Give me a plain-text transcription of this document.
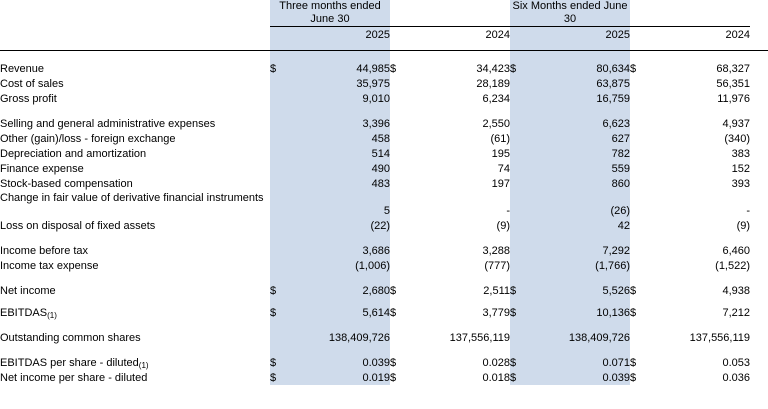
	Three months ended June 30				Six Months ended June 30				
		2025		2024		2025		2024	

Revenue	$	44,985	$	34,423	$	80,634	$	68,327	
Cost of sales		35,975		28,189		63,875		56,351	
Gross profit		9,010		6,234		16,759		11,976	

Selling and general administrative expenses		3,396		2,550		6,623		4,937	
Other (gain)/loss - foreign exchange		458		(61)		627		(340)	
Depreciation and amortization		514		195		782		383	
Finance expense		490		74		559		152	
Stock-based compensation		483		197		860		393	
Change in fair value of derivative financial instruments									
		5		-		(26)		-	
Loss on disposal of fixed assets		(22)		(9)		42		(9)	

Income before tax		3,686		3,288		7,292		6,460	
Income tax expense		(1,006)		(777)		(1,766)		(1,522)	

Net income	$	2,680	$	2,511	$	5,526	$	4,938	

$EBITDAS_{(1)}$	$	5,614	$	3,779	$	10,136	$	7,212	

Outstanding common shares		138,409,726		137,556,119		138,409,726		137,556,119	

EBITDAS per share - diluted$_{(1)}$	$	0.039	$	0.028	$	0.071	$	0.053	
Net income per share - diluted	$	0.019	$	0.018	$	0.039	$	0.036	
